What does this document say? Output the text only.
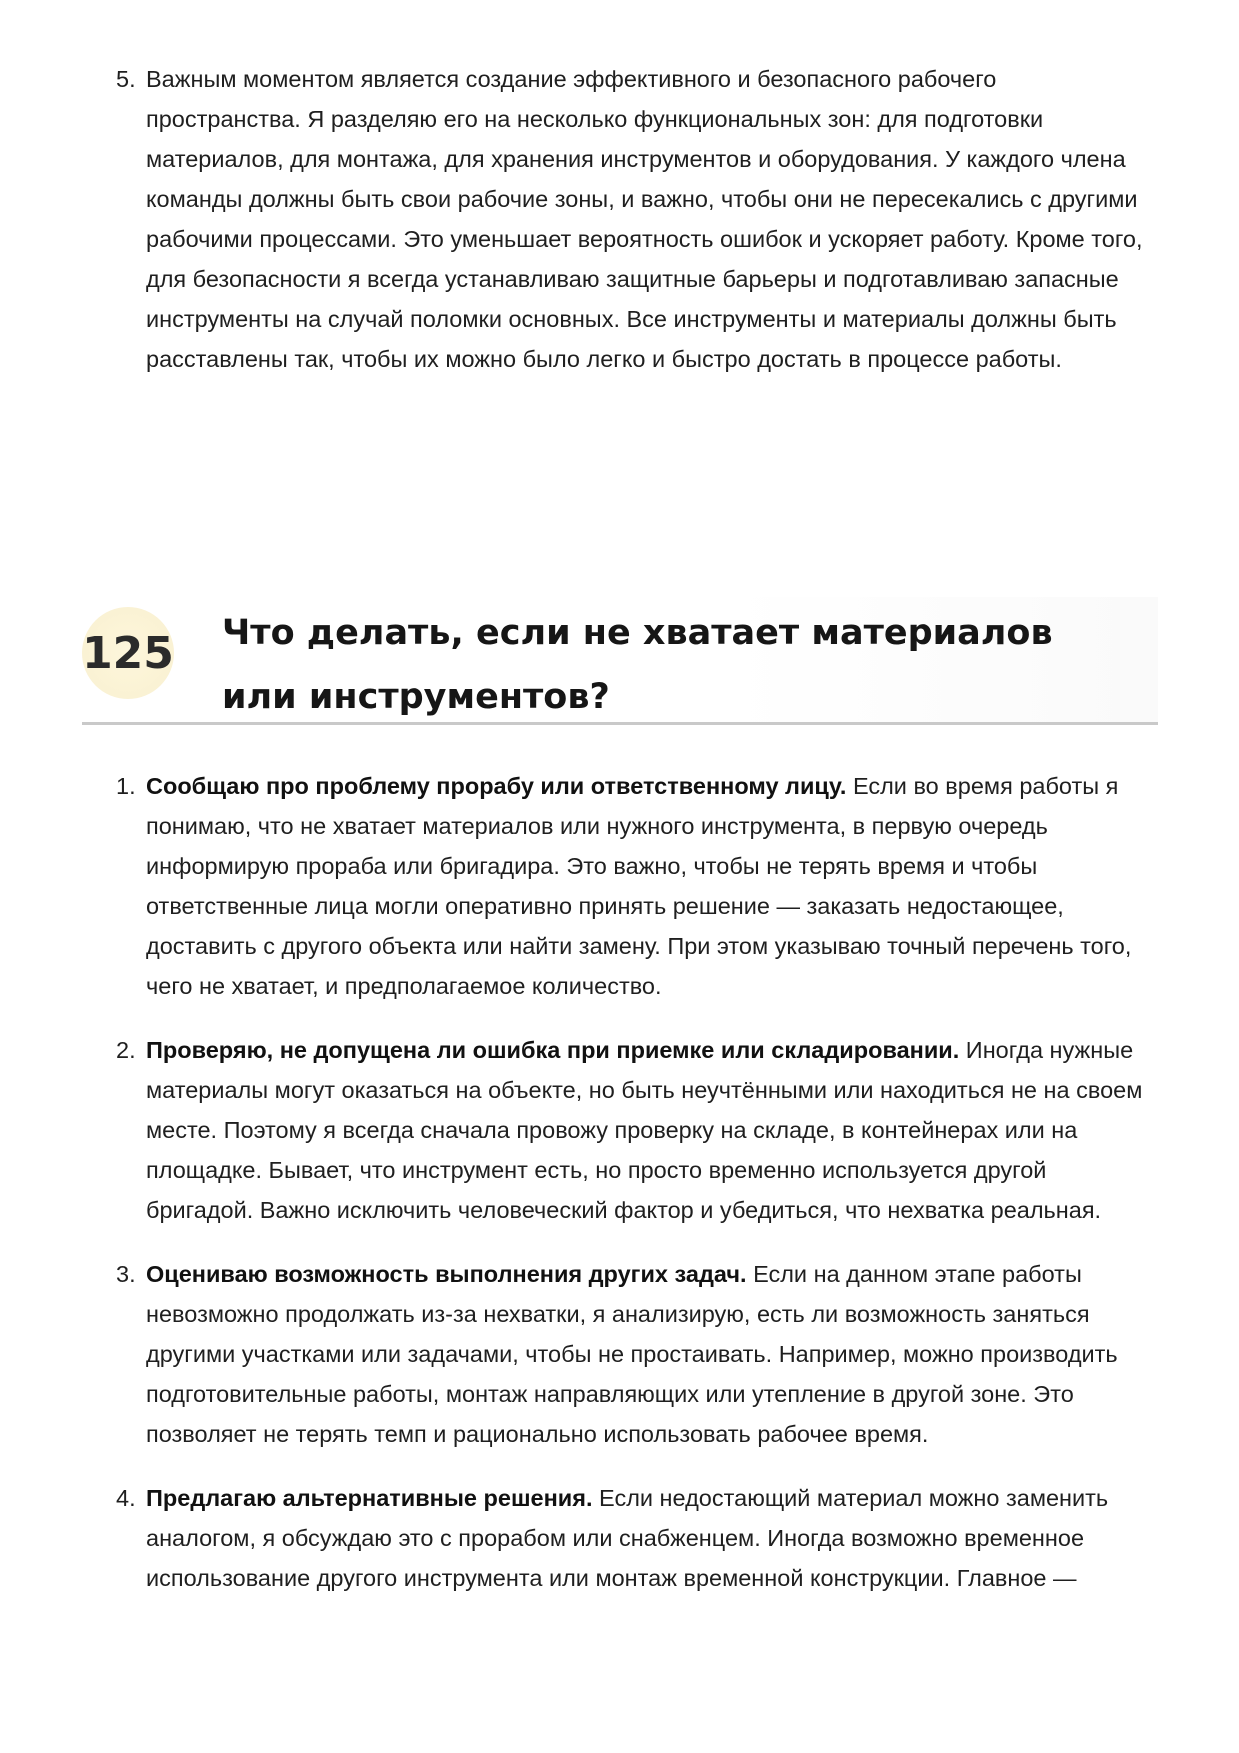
5. Важным моментом является создание эффективного и безопасного рабочего пространства. Я разделяю его на несколько функциональных зон: для подготовки материалов, для монтажа, для хранения инструментов и оборудования. У каждого члена команды должны быть свои рабочие зоны, и важно, чтобы они не пересекались с другими рабочими процессами. Это уменьшает вероятность ошибок и ускоряет работу. Кроме того, для безопасности я всегда устанавливаю защитные барьеры и подготавливаю запасные инструменты на случай поломки основных. Все инструменты и материалы должны быть расставлены так, чтобы их можно было легко и быстро достать в процессе работы.
125 Что делать, если не хватает материалов или инструментов?
1. Сообщаю про проблему прорабу или ответственному лицу. Если во время работы я понимаю, что не хватает материалов или нужного инструмента, в первую очередь информирую прораба или бригадира. Это важно, чтобы не терять время и чтобы ответственные лица могли оперативно принять решение — заказать недостающее, доставить с другого объекта или найти замену. При этом указываю точный перечень того, чего не хватает, и предполагаемое количество.
2. Проверяю, не допущена ли ошибка при приемке или складировании. Иногда нужные материалы могут оказаться на объекте, но быть неучтёнными или находиться не на своем месте. Поэтому я всегда сначала провожу проверку на складе, в контейнерах или на площадке. Бывает, что инструмент есть, но просто временно используется другой бригадой. Важно исключить человеческий фактор и убедиться, что нехватка реальная.
3. Оцениваю возможность выполнения других задач. Если на данном этапе работы невозможно продолжать из-за нехватки, я анализирую, есть ли возможность заняться другими участками или задачами, чтобы не простаивать. Например, можно производить подготовительные работы, монтаж направляющих или утепление в другой зоне. Это позволяет не терять темп и рационально использовать рабочее время.
4. Предлагаю альтернативные решения. Если недостающий материал можно заменить аналогом, я обсуждаю это с прорабом или снабженцем. Иногда возможно временное использование другого инструмента или монтаж временной конструкции. Главное —
